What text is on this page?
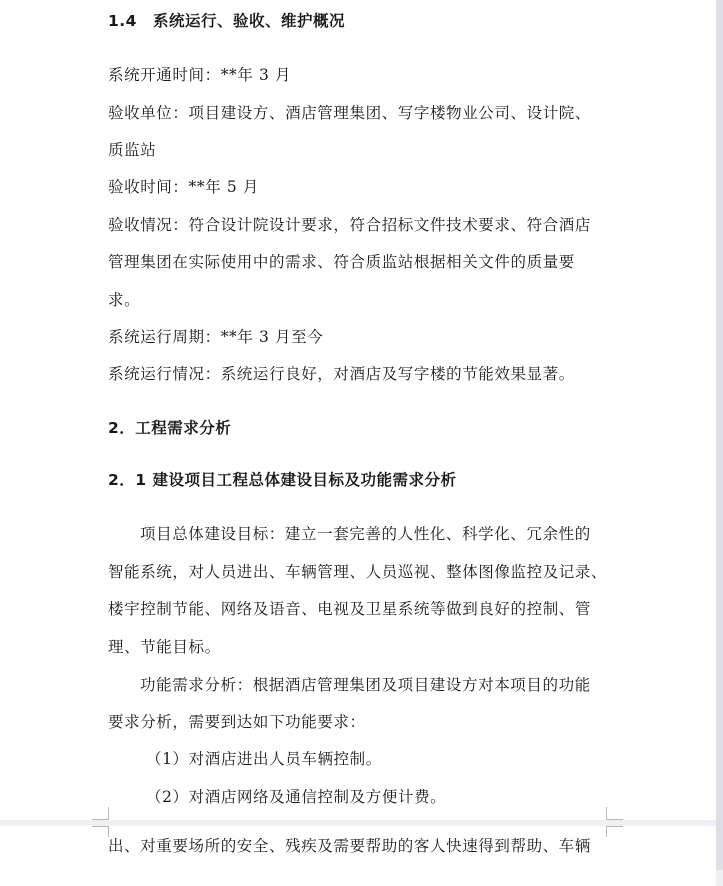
1.4　系统运行、验收、维护概况
系统开通时间：**年 3 月
验收单位：项目建设方、酒店管理集团、写字楼物业公司、设计院、
质监站
验收时间：**年 5 月
验收情况：符合设计院设计要求，符合招标文件技术要求、符合酒店
管理集团在实际使用中的需求、符合质监站根据相关文件的质量要
求。
系统运行周期：**年 3 月至今
系统运行情况：系统运行良好，对酒店及写字楼的节能效果显著。
2．工程需求分析
2．1 建设项目工程总体建设目标及功能需求分析
项目总体建设目标：建立一套完善的人性化、科学化、冗余性的
智能系统，对人员进出、车辆管理、人员巡视、整体图像监控及记录、
楼宇控制节能、网络及语音、电视及卫星系统等做到良好的控制、管
理、节能目标。
功能需求分析：根据酒店管理集团及项目建设方对本项目的功能
要求分析，需要到达如下功能要求：
（1）对酒店进出人员车辆控制。
（2）对酒店网络及通信控制及方便计费。
出、对重要场所的安全、残疾及需要帮助的客人快速得到帮助、车辆
